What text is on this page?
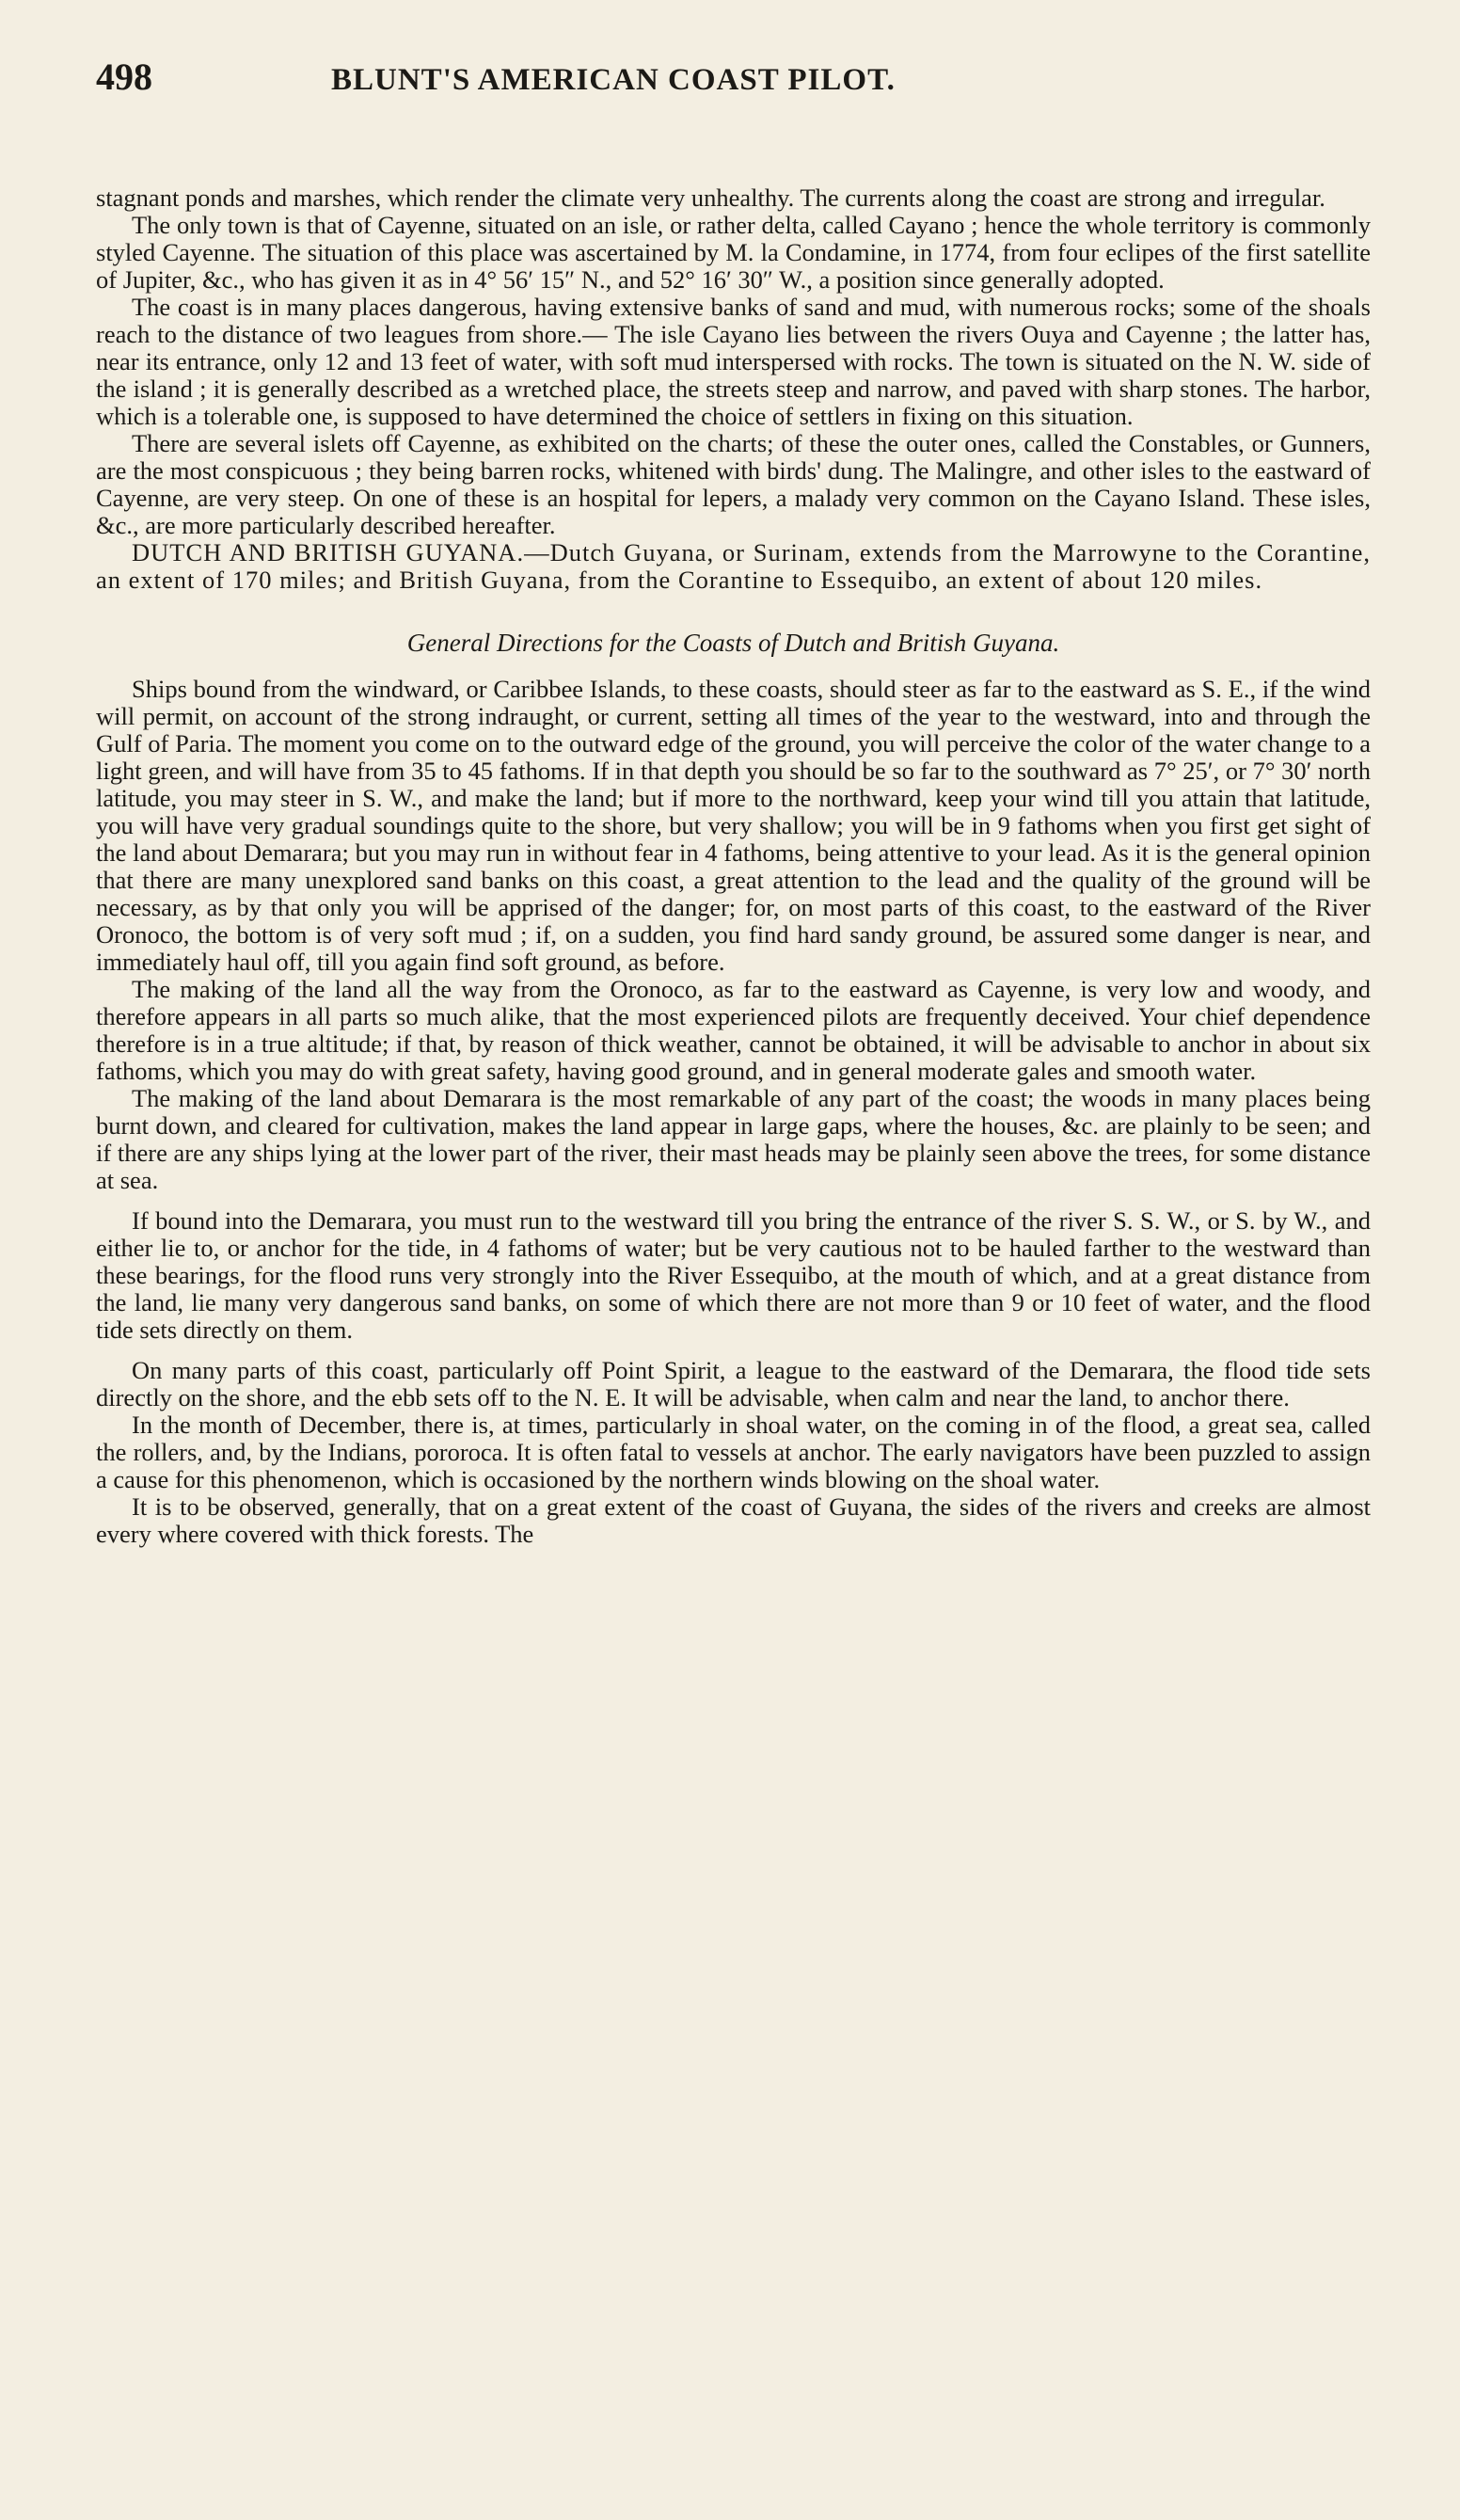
498	BLUNT'S AMERICAN COAST PILOT.

stagnant ponds and marshes, which render the climate very unhealthy. The currents along the coast are strong and irregular.

The only town is that of Cayenne, situated on an isle, or rather delta, called Cayano ; hence the whole territory is commonly styled Cayenne. The situation of this place was ascertained by M. la Condamine, in 1774, from four eclipes of the first satellite of Jupiter, &c., who has given it as in 4° 56′ 15″ N., and 52° 16′ 30″ W., a position since generally adopted.

The coast is in many places dangerous, having extensive banks of sand and mud, with numerous rocks; some of the shoals reach to the distance of two leagues from shore.— The isle Cayano lies between the rivers Ouya and Cayenne ; the latter has, near its entrance, only 12 and 13 feet of water, with soft mud interspersed with rocks. The town is situated on the N. W. side of the island ; it is generally described as a wretched place, the streets steep and narrow, and paved with sharp stones. The harbor, which is a tolerable one, is supposed to have determined the choice of settlers in fixing on this situation.

There are several islets off Cayenne, as exhibited on the charts; of these the outer ones, called the Constables, or Gunners, are the most conspicuous ; they being barren rocks, whitened with birds' dung. The Malingre, and other isles to the eastward of Cayenne, are very steep. On one of these is an hospital for lepers, a malady very common on the Cayano Island. These isles, &c., are more particularly described hereafter.

DUTCH AND BRITISH GUYANA.—Dutch Guyana, or Surinam, extends from the Marrowyne to the Corantine, an extent of 170 miles; and British Guyana, from the Corantine to Essequibo, an extent of about 120 miles.

General Directions for the Coasts of Dutch and British Guyana.

Ships bound from the windward, or Caribbee Islands, to these coasts, should steer as far to the eastward as S. E., if the wind will permit, on account of the strong indraught, or current, setting all times of the year to the westward, into and through the Gulf of Paria. The moment you come on to the outward edge of the ground, you will perceive the color of the water change to a light green, and will have from 35 to 45 fathoms. If in that depth you should be so far to the southward as 7° 25′, or 7° 30′ north latitude, you may steer in S. W., and make the land; but if more to the northward, keep your wind till you attain that latitude, you will have very gradual soundings quite to the shore, but very shallow; you will be in 9 fathoms when you first get sight of the land about Demarara; but you may run in without fear in 4 fathoms, being attentive to your lead. As it is the general opinion that there are many unexplored sand banks on this coast, a great attention to the lead and the quality of the ground will be necessary, as by that only you will be apprised of the danger; for, on most parts of this coast, to the eastward of the River Oronoco, the bottom is of very soft mud ; if, on a sudden, you find hard sandy ground, be assured some danger is near, and immediately haul off, till you again find soft ground, as before.

The making of the land all the way from the Oronoco, as far to the eastward as Cayenne, is very low and woody, and therefore appears in all parts so much alike, that the most experienced pilots are frequently deceived. Your chief dependence therefore is in a true altitude; if that, by reason of thick weather, cannot be obtained, it will be advisable to anchor in about six fathoms, which you may do with great safety, having good ground, and in general moderate gales and smooth water.

The making of the land about Demarara is the most remarkable of any part of the coast; the woods in many places being burnt down, and cleared for cultivation, makes the land appear in large gaps, where the houses, &c. are plainly to be seen; and if there are any ships lying at the lower part of the river, their mast heads may be plainly seen above the trees, for some distance at sea.

If bound into the Demarara, you must run to the westward till you bring the entrance of the river S. S. W., or S. by W., and either lie to, or anchor for the tide, in 4 fathoms of water; but be very cautious not to be hauled farther to the westward than these bearings, for the flood runs very strongly into the River Essequibo, at the mouth of which, and at a great distance from the land, lie many very dangerous sand banks, on some of which there are not more than 9 or 10 feet of water, and the flood tide sets directly on them.

On many parts of this coast, particularly off Point Spirit, a league to the eastward of the Demarara, the flood tide sets directly on the shore, and the ebb sets off to the N. E. It will be advisable, when calm and near the land, to anchor there.

In the month of December, there is, at times, particularly in shoal water, on the coming in of the flood, a great sea, called the rollers, and, by the Indians, pororoca. It is often fatal to vessels at anchor. The early navigators have been puzzled to assign a cause for this phenomenon, which is occasioned by the northern winds blowing on the shoal water.

It is to be observed, generally, that on a great extent of the coast of Guyana, the sides of the rivers and creeks are almost every where covered with thick forests. The
